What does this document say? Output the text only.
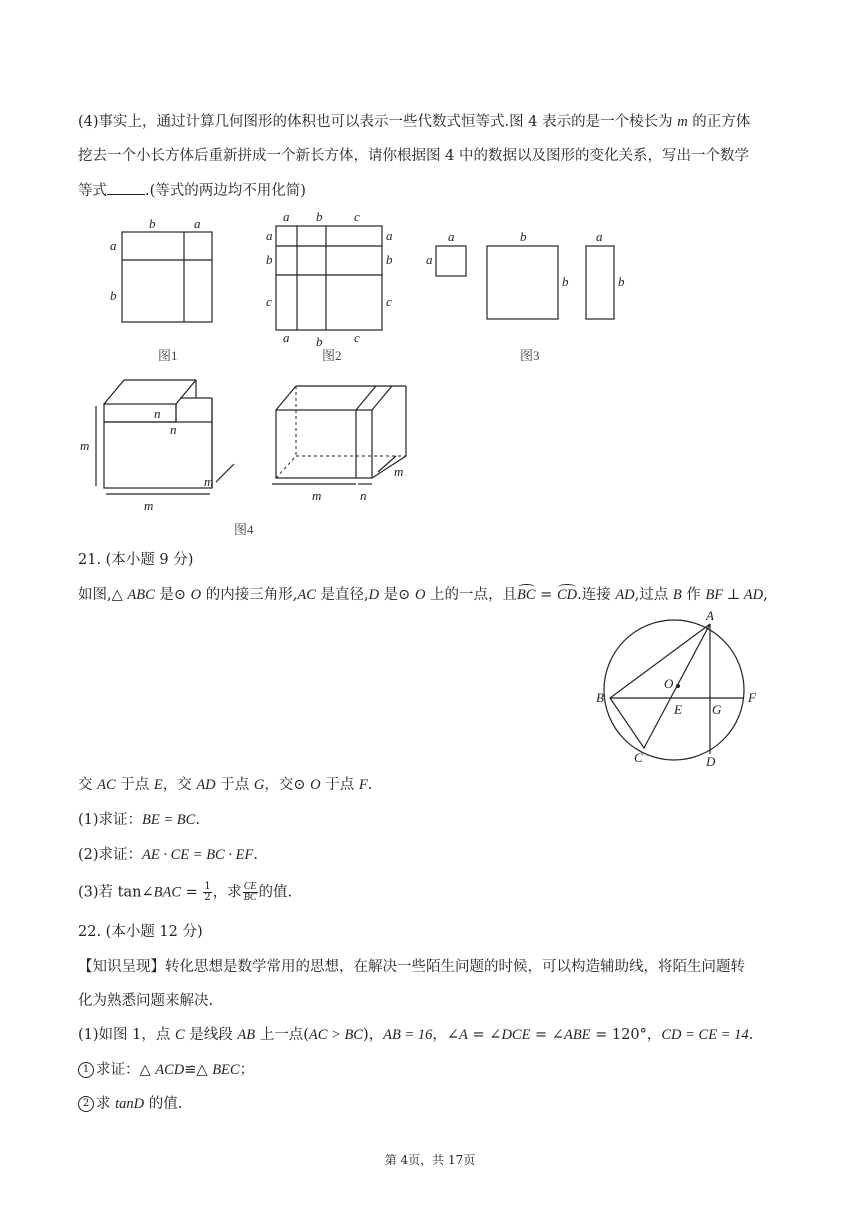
(4)事实上，通过计算几何图形的体积也可以表示一些代数式恒等式.图 4 表示的是一个棱长为 m 的正方体
挖去一个小长方体后重新拼成一个新长方体，请你根据图 4 中的数据以及图形的变化关系，写出一个数学
等式	.(等式的两边均不用化简)
b	a
a
b
a b c
a
b
c
a
b
c
a b c
a
a
b
b
a
b
图1	图2	图3
n
n
m
m
m
m	n
m
图4
21. (本小题 9 分)
如图,△ ABC 是⊙ O 的内接三角形,AC 是直径,D 是⊙ O 上的一点，且BC = CD.连接 AD,过点 B 作 BF ⊥ AD,
A
B
C	D
E
F
G
O
交 AC 于点 E，交 AD 于点 G，交⊙ O 于点 F.
(1)求证：BE = BC.
(2)求证：AE · CE = BC · EF.
(3)若 tan∠BAC = $\frac{1}{2}$ ，求 $\frac{CE}{BC}$ 的值.
22. (本小题 12 分)
【知识呈现】转化思想是数学常用的思想，在解决一些陌生问题的时候，可以构造辅助线，将陌生问题转
化为熟悉问题来解决.
(1)如图 1，点 C 是线段 AB 上一点(AC > BC)，AB = 16，∠A = ∠DCE = ∠ABE = 120°，CD = CE = 14.
1 求证：△ ACD≌△ BEC；
2 求 tanD 的值.
第 4页，共 17页
